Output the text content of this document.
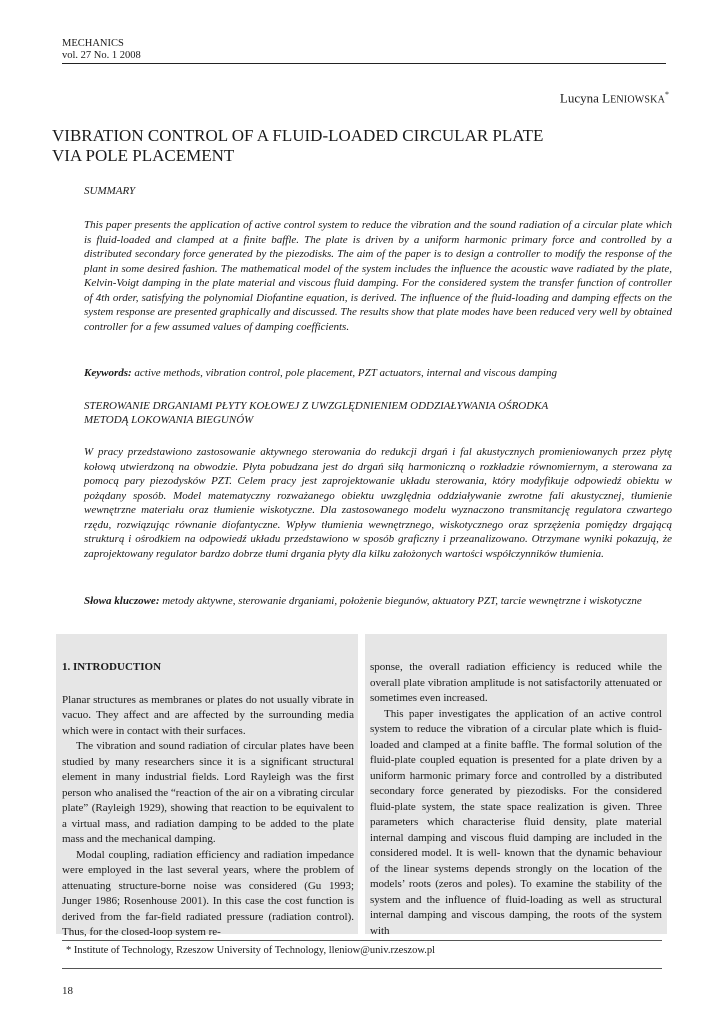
MECHANICS
vol. 27 No. 1 2008
Lucyna LENIOWSKA*
VIBRATION CONTROL OF A FLUID-LOADED CIRCULAR PLATE
VIA POLE PLACEMENT
SUMMARY
This paper presents the application of active control system to reduce the vibration and the sound radiation of a circular plate which is fluid-loaded and clamped at a finite baffle. The plate is driven by a uniform harmonic primary force and controlled by a distributed secondary force generated by the piezodisks. The aim of the paper is to design a controller to modify the response of the plant in some desired fashion. The mathematical model of the system includes the influence the acoustic wave radiated by the plate, Kelvin-Voigt damping in the plate material and viscous fluid damping. For the considered system the transfer function of controller of 4th order, satisfying the polynomial Diofantine equation, is derived. The influence of the fluid-loading and damping effects on the system response are presented graphically and discussed. The results show that plate modes have been reduced very well by obtained controller for a few assumed values of damping coefficients.
Keywords: active methods, vibration control, pole placement, PZT actuators, internal and viscous damping
STEROWANIE DRGANIAMI PŁYTY KOŁOWEJ Z UWZGLĘDNIENIEM ODDZIAŁYWANIA OŚRODKA
METODĄ LOKOWANIA BIEGUNÓW
W pracy przedstawiono zastosowanie aktywnego sterowania do redukcji drgań i fal akustycznych promieniowanych przez płytę kołową utwierdzoną na obwodzie. Płyta pobudzana jest do drgań siłą harmoniczną o rozkładzie równomiernym, a sterowana za pomocą pary piezodysków PZT. Celem pracy jest zaprojektowanie układu sterowania, który modyfikuje odpowiedź obiektu w pożądany sposób. Model matematyczny rozważanego obiektu uwzględnia oddziaływanie zwrotne fali akustycznej, tłumienie wewnętrzne materiału oraz tłumienie wiskotyczne. Dla zastosowanego modelu wyznaczono transmitancję regulatora czwartego rzędu, rozwiązując równanie diofantyczne. Wpływ tłumienia wewnętrznego, wiskotycznego oraz sprzężenia pomiędzy drgającą strukturą i ośrodkiem na odpowiedź układu przedstawiono w sposób graficzny i przeanalizowano. Otrzymane wyniki pokazują, że zaprojektowany regulator bardzo dobrze tłumi drgania płyty dla kilku założonych wartości współczynników tłumienia.
Słowa kluczowe: metody aktywne, sterowanie drganiami, położenie biegunów, aktuatory PZT, tarcie wewnętrzne i wiskotyczne
1. INTRODUCTION

Planar structures as membranes or plates do not usually vibrate in vacuo. They affect and are affected by the surrounding media which were in contact with their surfaces.

The vibration and sound radiation of circular plates have been studied by many researchers since it is a significant structural element in many industrial fields. Lord Rayleigh was the first person who analised the “reaction of the air on a vibrating circular plate” (Rayleigh 1929), showing that reaction to be equivalent to a virtual mass, and radiation damping to be added to the plate mass and the mechanical damping.

Modal coupling, radiation efficiency and radiation impedance were employed in the last several years, where the problem of attenuating structure-borne noise was considered (Gu 1993; Junger 1986; Rosenhouse 2001). In this case the cost function is derived from the far-field radiated pressure (radiation control). Thus, for the closed-loop system re-

sponse, the overall radiation efficiency is reduced while the overall plate vibration amplitude is not satisfactorily attenuated or sometimes even increased.

This paper investigates the application of an active control system to reduce the vibration of a circular plate which is fluid-loaded and clamped at a finite baffle. The formal solution of the fluid-plate coupled equation is presented for a plate driven by a uniform harmonic primary force and controlled by a distributed secondary force generated by piezodisks. For the considered fluid-plate system, the state space realization is given. Three parameters which characterise fluid density, plate material internal damping and viscous fluid damping are included in the considered model. It is well- known that the dynamic behaviour of the linear systems depends strongly on the location of the models’ roots (zeros and poles). To examine the stability of the system and the influence of fluid-loading as well as structural internal damping and viscous damping, the roots of the system with

* Institute of Technology, Rzeszow University of Technology, lleniow@univ.rzeszow.pl
18
